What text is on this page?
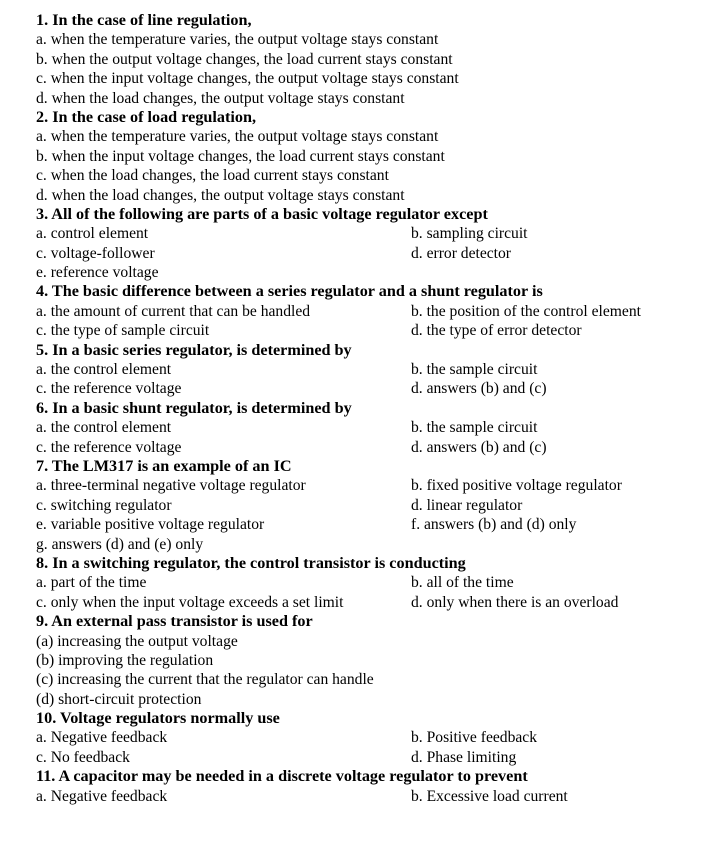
1. In the case of line regulation,
a. when the temperature varies, the output voltage stays constant
b. when the output voltage changes, the load current stays constant
c. when the input voltage changes, the output voltage stays constant
d. when the load changes, the output voltage stays constant
2. In the case of load regulation,
a. when the temperature varies, the output voltage stays constant
b. when the input voltage changes, the load current stays constant
c. when the load changes, the load current stays constant
d. when the load changes, the output voltage stays constant
3. All of the following are parts of a basic voltage regulator except
a. control element	b. sampling circuit
c. voltage-follower	d. error detector
e. reference voltage
4. The basic difference between a series regulator and a shunt regulator is
a. the amount of current that can be handled	b. the position of the control element
c. the type of sample circuit	d. the type of error detector
5. In a basic series regulator, is determined by
a. the control element	b. the sample circuit
c. the reference voltage	d. answers (b) and (c)
6. In a basic shunt regulator, is determined by
a. the control element	b. the sample circuit
c. the reference voltage	d. answers (b) and (c)
7. The LM317 is an example of an IC
a. three-terminal negative voltage regulator	b. fixed positive voltage regulator
c. switching regulator	d. linear regulator
e. variable positive voltage regulator	f. answers (b) and (d) only
g. answers (d) and (e) only
8. In a switching regulator, the control transistor is conducting
a. part of the time	b. all of the time
c. only when the input voltage exceeds a set limit	d. only when there is an overload
9. An external pass transistor is used for
(a) increasing the output voltage
(b) improving the regulation
(c) increasing the current that the regulator can handle
(d) short-circuit protection
10. Voltage regulators normally use
a. Negative feedback	b. Positive feedback
c. No feedback	d. Phase limiting
11. A capacitor may be needed in a discrete voltage regulator to prevent
a. Negative feedback	b. Excessive load current
